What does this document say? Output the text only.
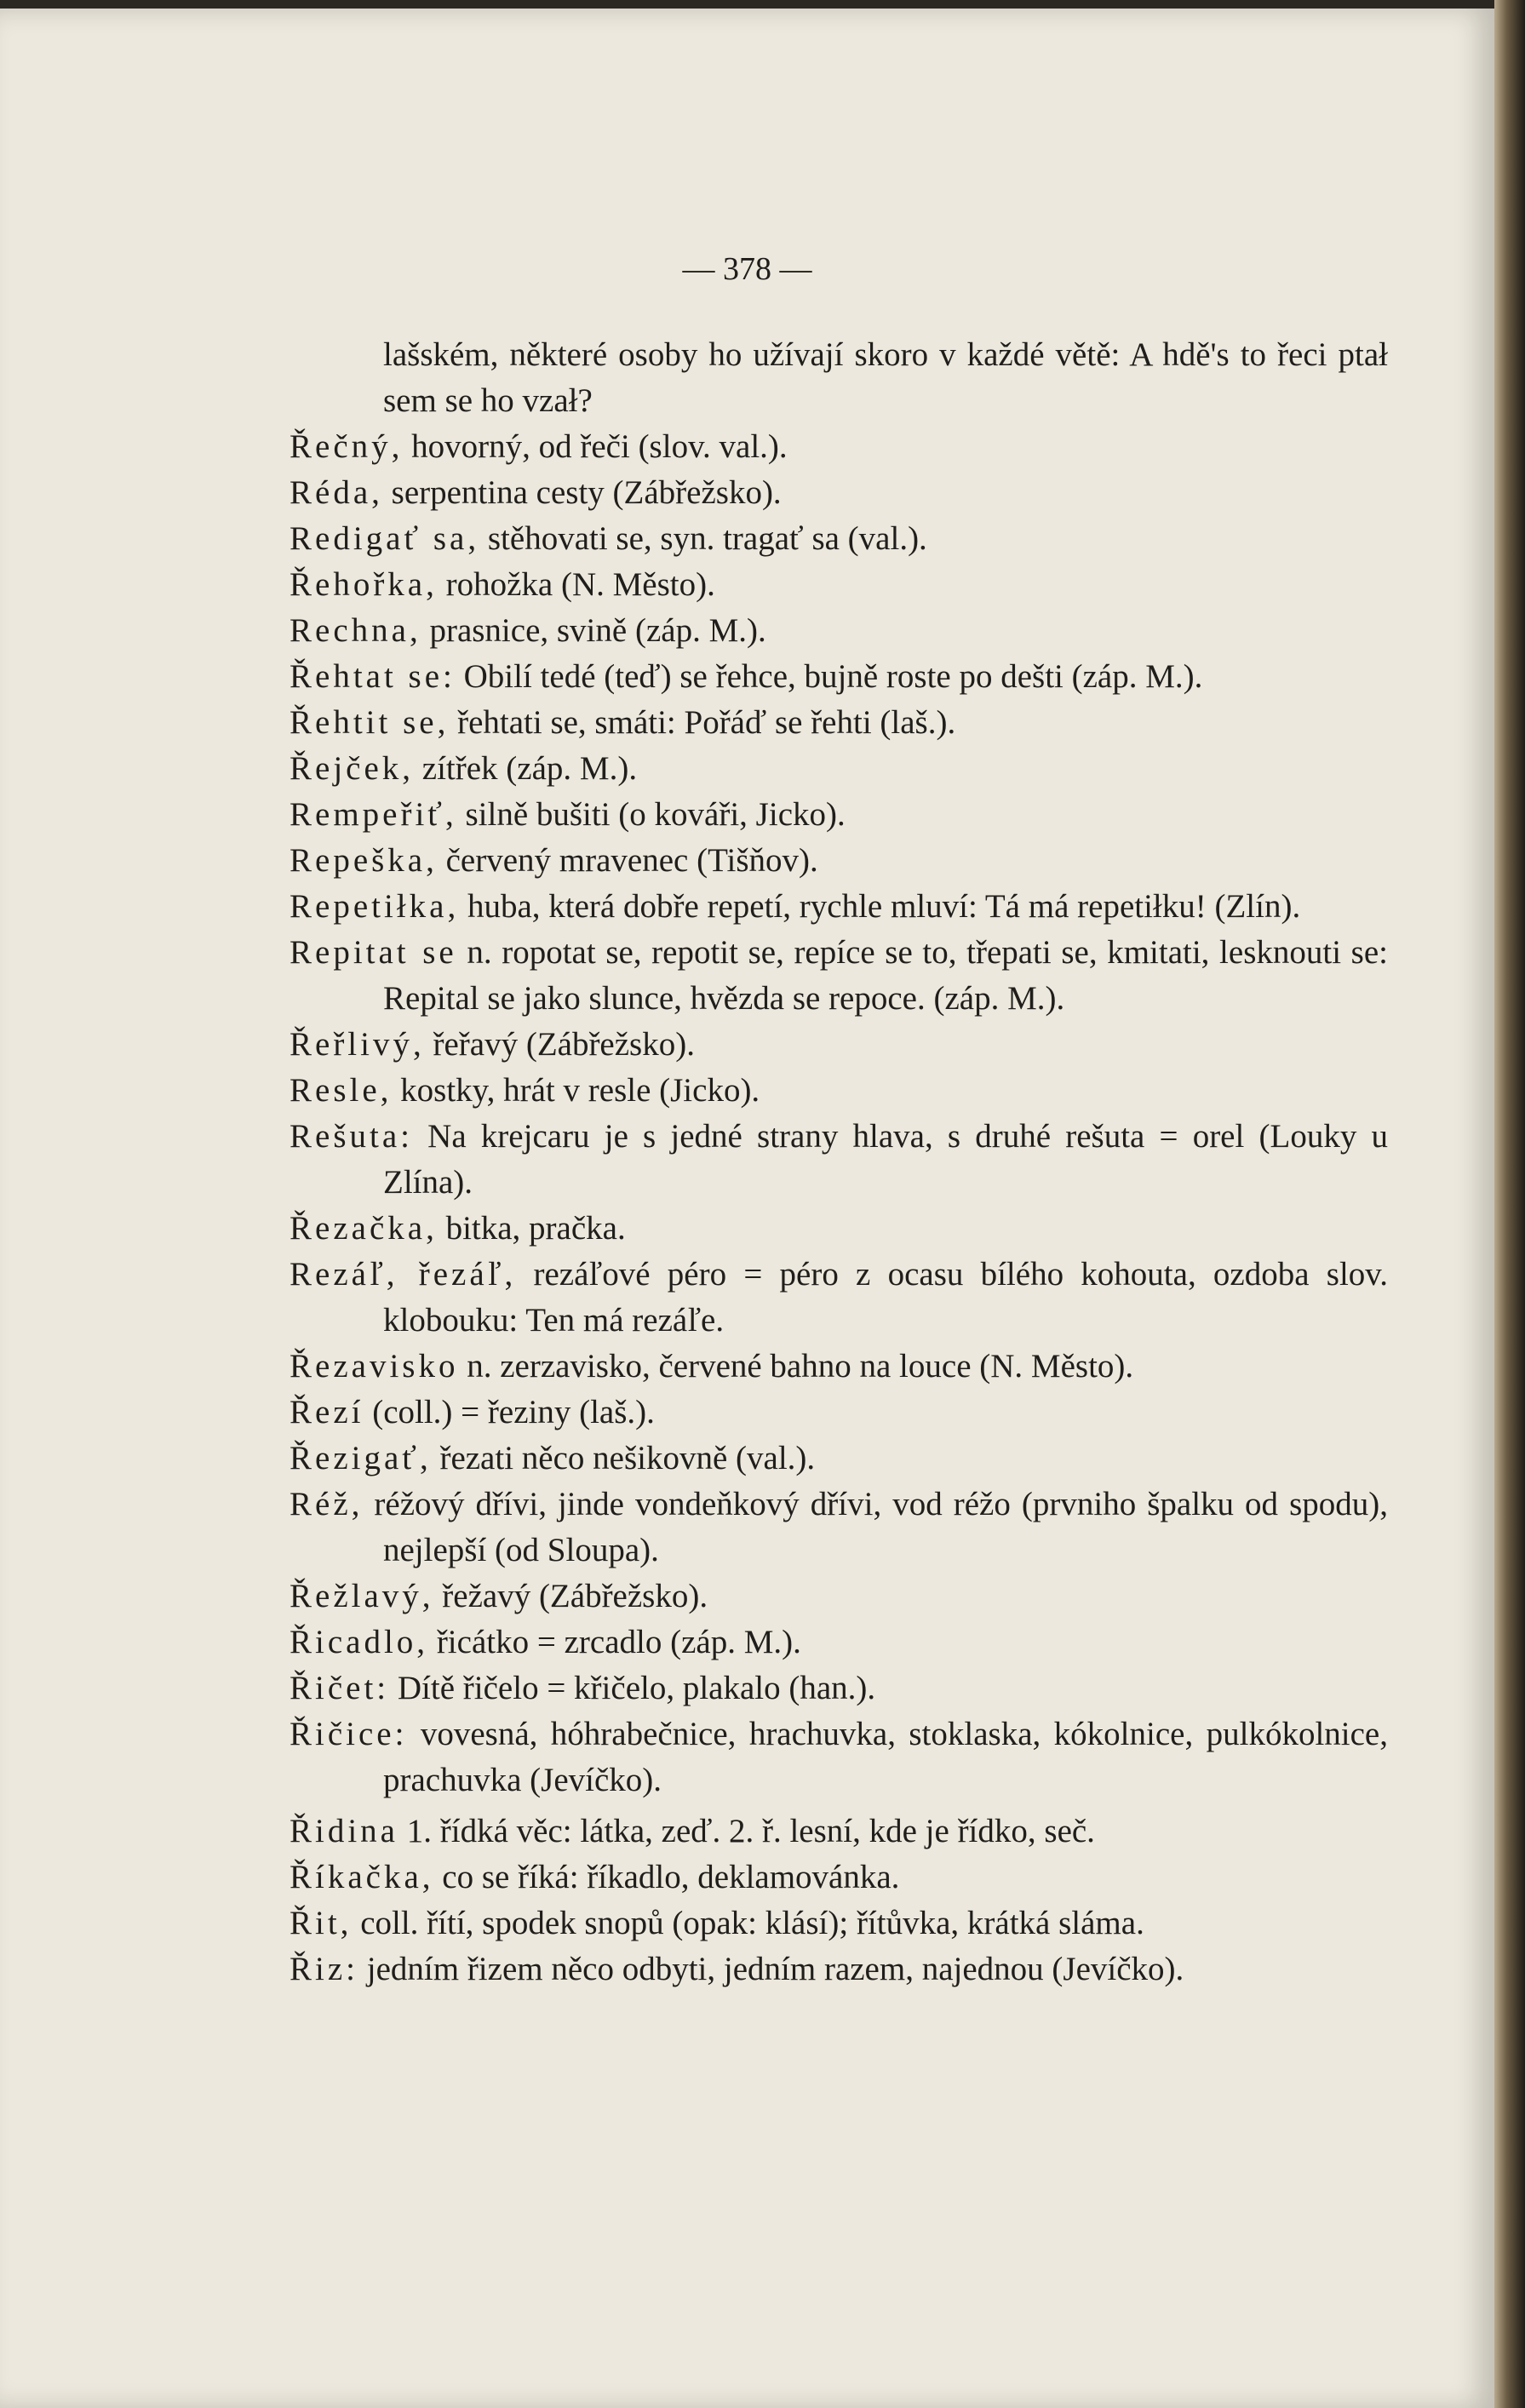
— 378 —
lašském, některé osoby ho užívají skoro v každé větě: A hdě's to řeci ptał sem se ho vzał?
Řečný, hovorný, od řeči (slov. val.).
Réda, serpentina cesty (Zábřežsko).
Redigať sa, stěhovati se, syn. tragať sa (val.).
Řehořka, rohožka (N. Město).
Rechna, prasnice, svině (záp. M.).
Řehtat se: Obilí tedé (teď) se řehce, bujně roste po dešti (záp. M.).
Řehtit se, řehtati se, smáti: Pořáď se řehti (laš.).
Řejček, zítřek (záp. M.).
Rempeřiť, silně bušiti (o kováři, Jicko).
Repeška, červený mravenec (Tišňov).
Repetiłka, huba, která dobře repetí, rychle mluví: Tá má repetiłku! (Zlín).
Repitat se n. ropotat se, repotit se, repíce se to, třepati se, kmitati, lesknouti se: Repital se jako slunce, hvězda se repoce. (záp. M.).
Řeřlivý, řeřavý (Zábřežsko).
Resle, kostky, hrát v resle (Jicko).
Rešuta: Na krejcaru je s jedné strany hlava, s druhé rešuta = orel (Louky u Zlína).
Řezačka, bitka, pračka.
Rezáľ, řezáľ, rezáľové péro = péro z ocasu bílého kohouta, ozdoba slov. klobouku: Ten má rezáľe.
Řezavisko n. zerzavisko, červené bahno na louce (N. Město).
Řezí (coll.) = řeziny (laš.).
Řezigať, řezati něco nešikovně (val.).
Réž, réžový dřívi, jinde vondeňkový dřívi, vod réžo (prvniho špalku od spodu), nejlepší (od Sloupa).
Řežlavý, řežavý (Zábřežsko).
Řicadlo, řicátko = zrcadlo (záp. M.).
Řičet: Dítě řičelo = křičelo, plakalo (han.).
Řičice: vovesná, hóhrabečnice, hrachuvka, stoklaska, kókolnice, pulkókolnice, prachuvka (Jevíčko).
Řidina 1. řídká věc: látka, zeď. 2. ř. lesní, kde je řídko, seč.
Říkačka, co se říká: říkadlo, deklamovánka.
Řit, coll. řítí, spodek snopů (opak: klásí); řítůvka, krátká sláma.
Řiz: jedním řizem něco odbyti, jedním razem, najednou (Jevíčko).
